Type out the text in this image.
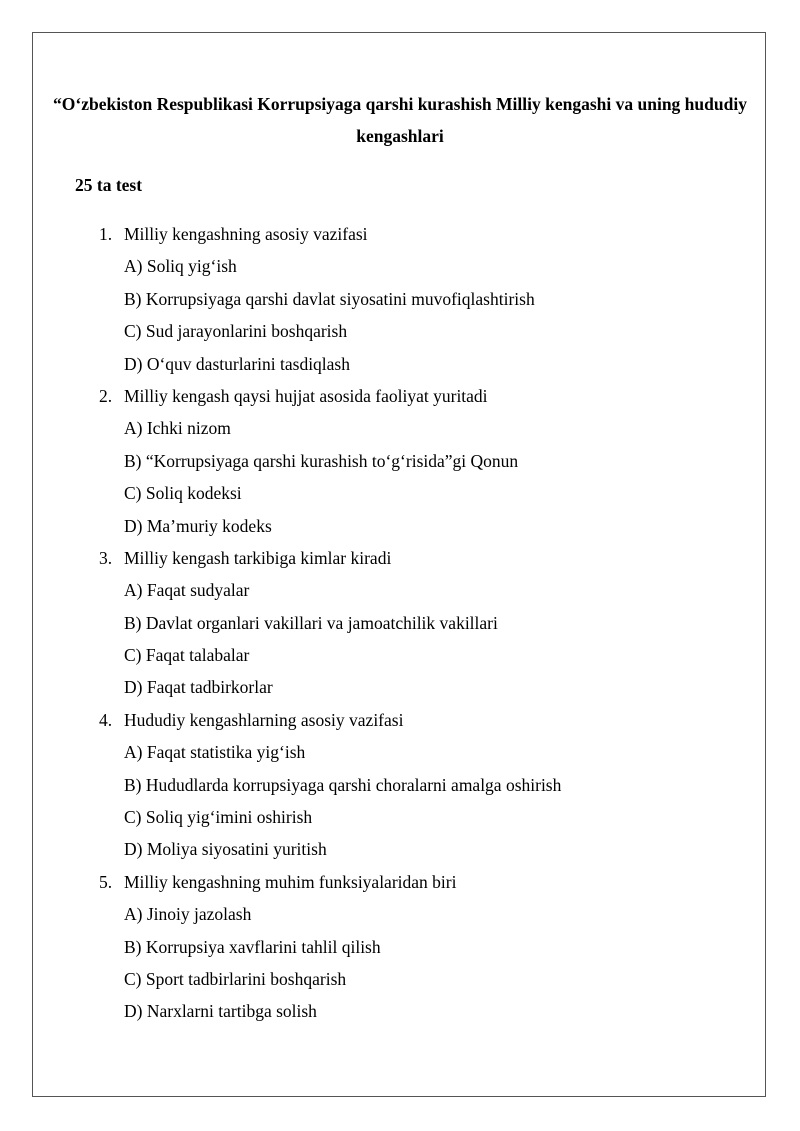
“O‘zbekiston Respublikasi Korrupsiyaga qarshi kurashish Milliy kengashi va uning hududiy kengashlari
25 ta test
1. Milliy kengashning asosiy vazifasi
A) Soliq yig‘ish
B) Korrupsiyaga qarshi davlat siyosatini muvofiqlashtirish
C) Sud jarayonlarini boshqarish
D) O‘quv dasturlarini tasdiqlash
2. Milliy kengash qaysi hujjat asosida faoliyat yuritadi
A) Ichki nizom
B) “Korrupsiyaga qarshi kurashish to‘g‘risida”gi Qonun
C) Soliq kodeksi
D) Ma’muriy kodeks
3. Milliy kengash tarkibiga kimlar kiradi
A) Faqat sudyalar
B) Davlat organlari vakillari va jamoatchilik vakillari
C) Faqat talabalar
D) Faqat tadbirkorlar
4. Hududiy kengashlarning asosiy vazifasi
A) Faqat statistika yig‘ish
B) Hududlarda korrupsiyaga qarshi choralarni amalga oshirish
C) Soliq yig‘imini oshirish
D) Moliya siyosatini yuritish
5. Milliy kengashning muhim funksiyalaridan biri
A) Jinoiy jazolash
B) Korrupsiya xavflarini tahlil qilish
C) Sport tadbirlarini boshqarish
D) Narxlarni tartibga solish
